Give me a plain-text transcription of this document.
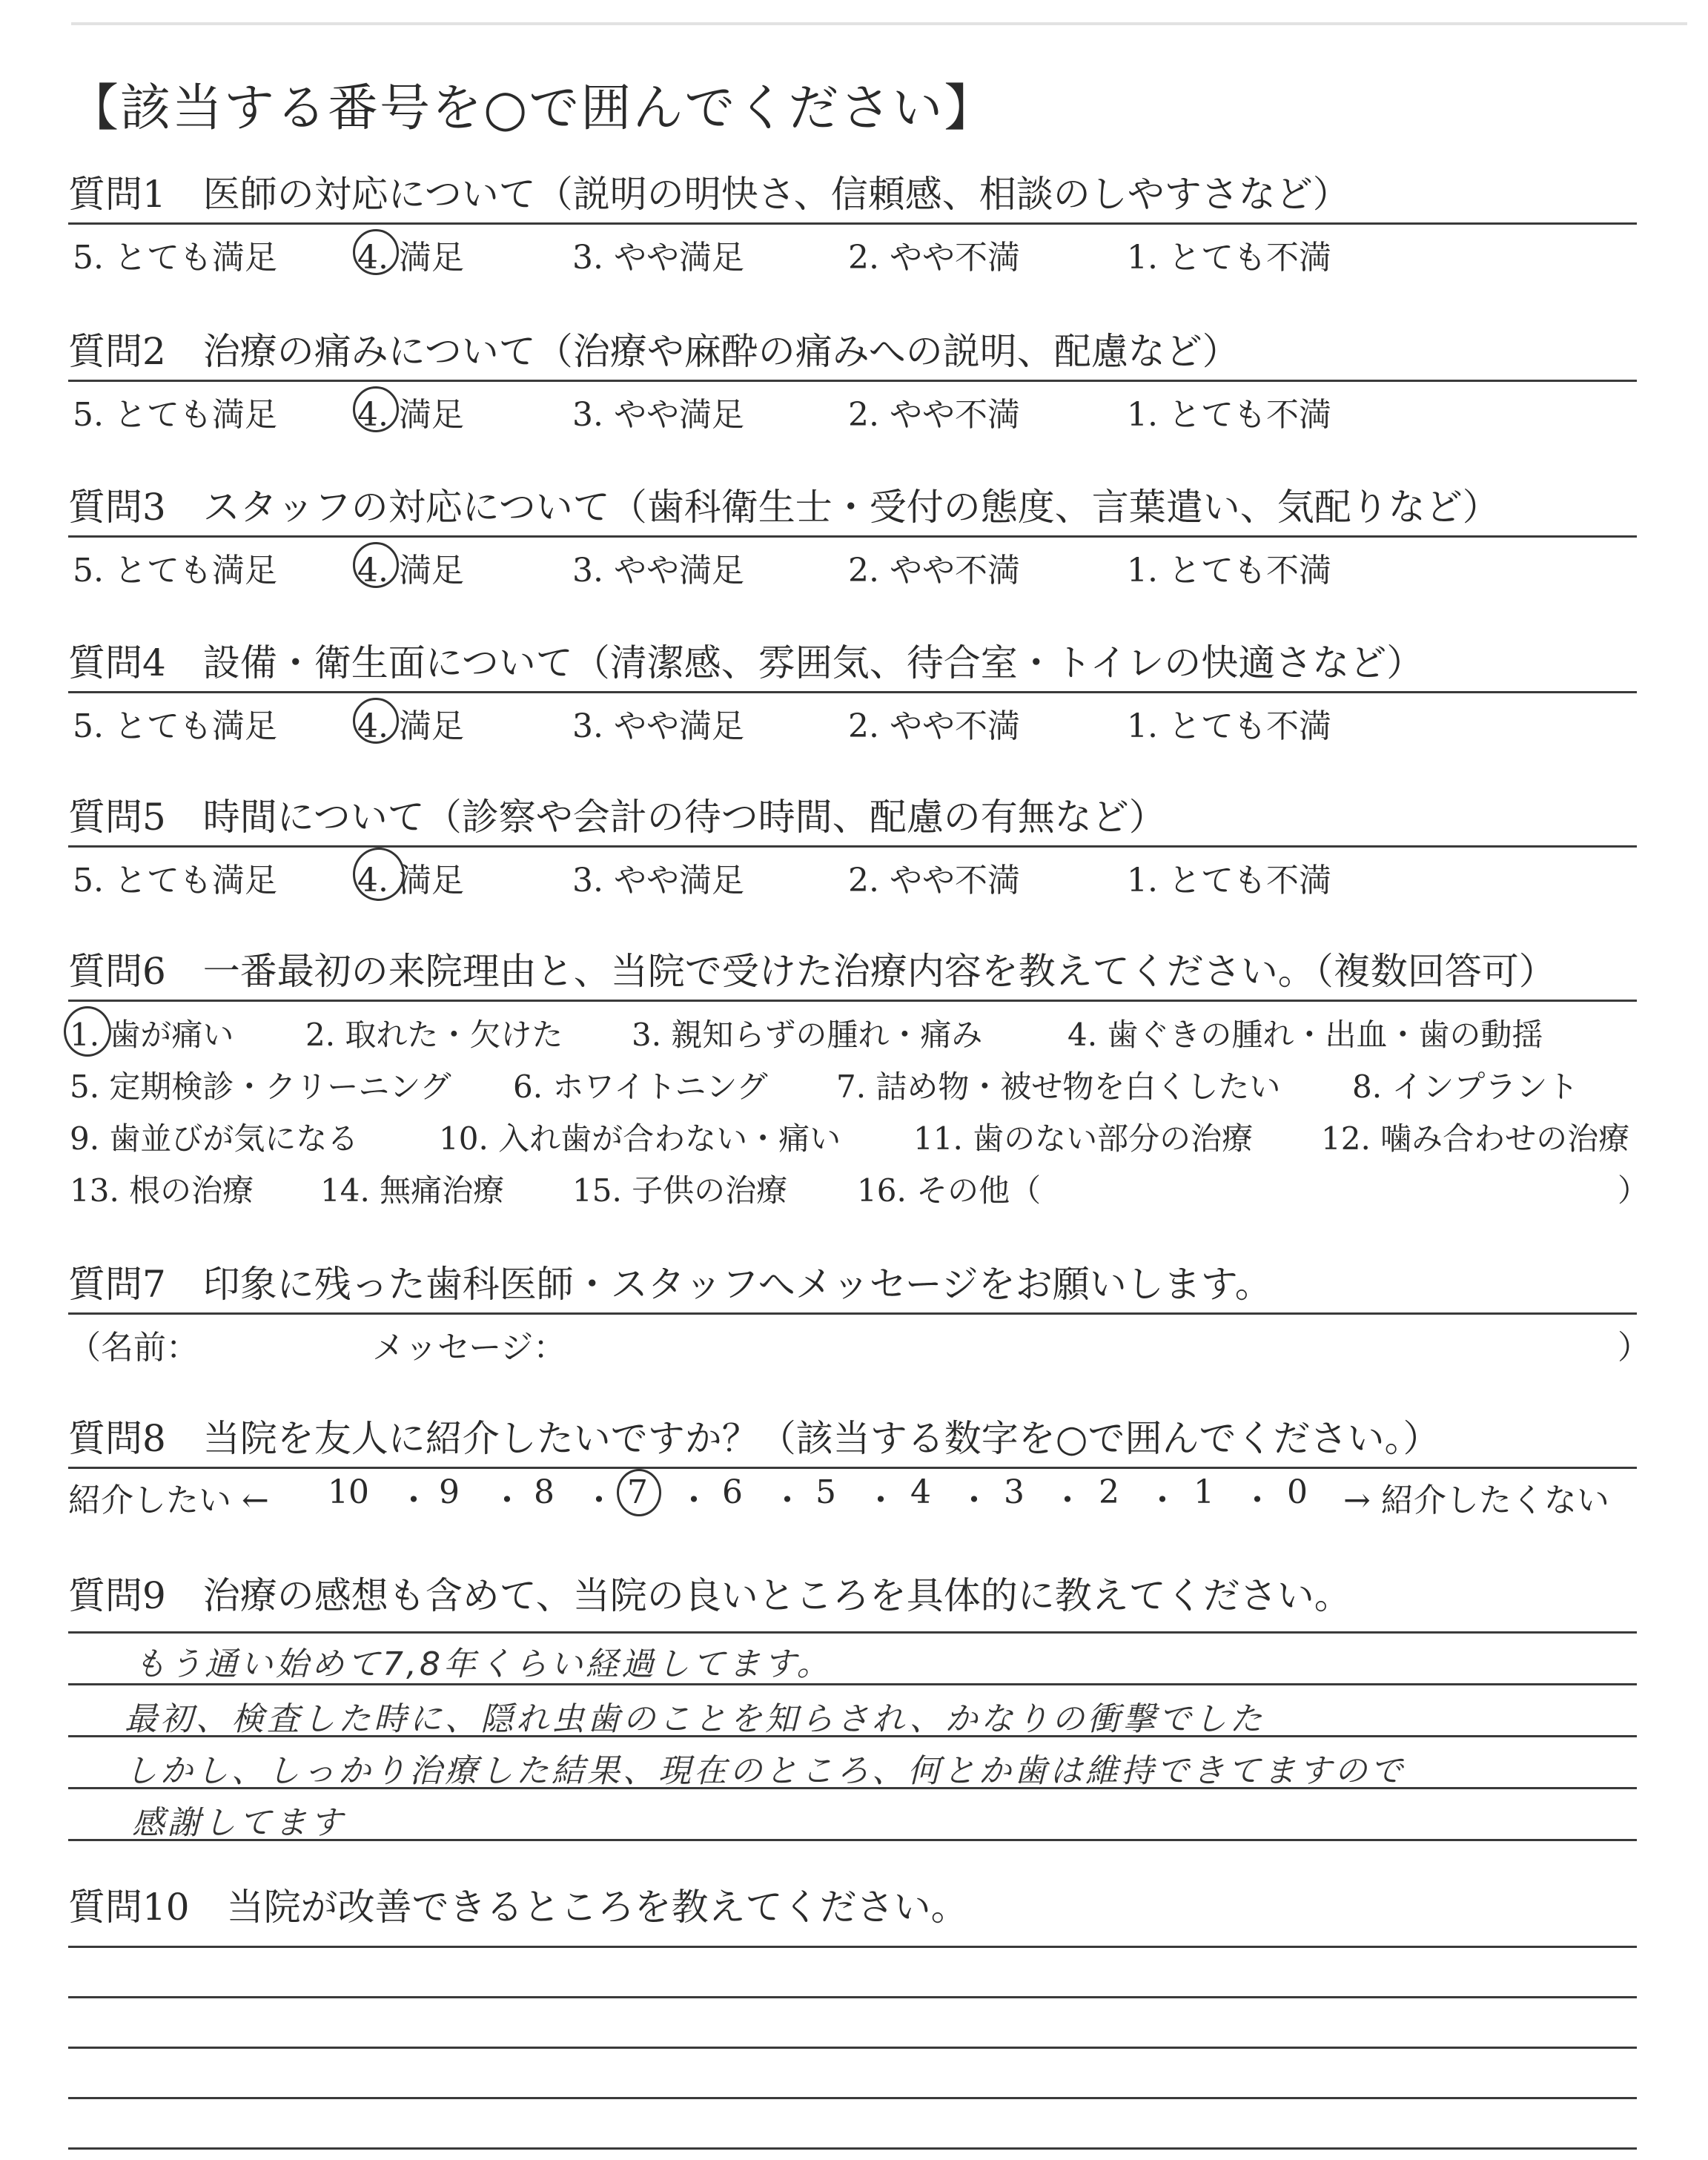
【該当する番号を○で囲んでください】
質問1　医師の対応について（説明の明快さ、信頼感、相談のしやすさなど）
5. とても満足 4. 満足	3. やや満足	2. やや不満	1. とても不満
質問2　治療の痛みについて（治療や麻酔の痛みへの説明、配慮など）
5. とても満足 4. 満足	3. やや満足	2. やや不満	1. とても不満
質問3　スタッフの対応について（歯科衛生士・受付の態度、言葉遣い、気配りなど）
5. とても満足 4. 満足	3. やや満足	2. やや不満	1. とても不満
質問4　設備・衛生面について（清潔感、雰囲気、待合室・トイレの快適さなど）
5. とても満足 4. 満足	3. やや満足	2. やや不満	1. とても不満
質問5　時間について（診察や会計の待つ時間、配慮の有無など）
5. とても満足 4. 満足	3. やや満足	2. やや不満	1. とても不満
質問6　一番最初の来院理由と、当院で受けた治療内容を教えてください。（複数回答可）
1. 歯が痛い 2. 取れた・欠けた 3. 親知らずの腫れ・痛み	4. 歯ぐきの腫れ・出血・歯の動揺
5. 定期検診・クリーニング 6. ホワイトニング 7. 詰め物・被せ物を白くしたい 8. インプラント
9. 歯並びが気になる	10. 入れ歯が合わない・痛い 11. 歯のない部分の治療 12. 噛み合わせの治療
13. 根の治療 14. 無痛治療 15. 子供の治療 16. その他（	）
質問7　印象に残った歯科医師・スタッフへメッセージをお願いします。
（名前：	メッセージ：	）
質問8　当院を友人に紹介したいですか？（該当する数字を○で囲んでください。）
紹介したい ← 10 ・ 9 ・ 8 ・ 7 ・ 6 ・ 5 ・ 4 ・ 3 ・ 2 ・ 1 ・ 0 → 紹介したくない
質問9　治療の感想も含めて、当院の良いところを具体的に教えてください。
もう通い始めて7,8年くらい経過してます。
最初、検査した時に、隠れ虫歯のことを知らされ、かなりの衝撃でした
しかし、しっかり治療した結果、現在のところ、何とか歯は維持できてますので
感謝してます
質問10　当院が改善できるところを教えてください。
